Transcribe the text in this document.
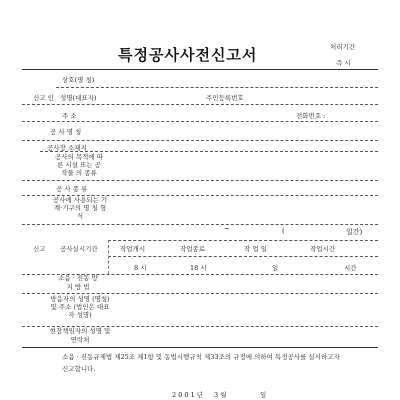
특정공사사전신고서	처리기간
즉 시
상호(명 칭)
신고 인 성명(대표자)	주민등록번호
주 소	전화번호 :
공 사 명 칭
공사장 소재지
공사의 목적에 따른 시설 또는 공작물 의 종류
공 사 종 류
공사에 사용되는 기계·기구의 명 칭 형 식
~	(	일간)
신고 공사실시기간	작업개시	작업종료	작 업 일	작업시간
8 시	18 시	일	시간
소음 · 진동 방 지 방 법
방음자의 성명 (명칭) 및 주소 (법인은 대표자 성명)
현장책임자의 성명 및 연락처
소음 · 진동규제법 제25조 제1항 및 동법시행규칙 제33조의 규정에 의하여 특정공사를 실시하고자 신고합니다.
2 0 0 1 년 3 월	일
